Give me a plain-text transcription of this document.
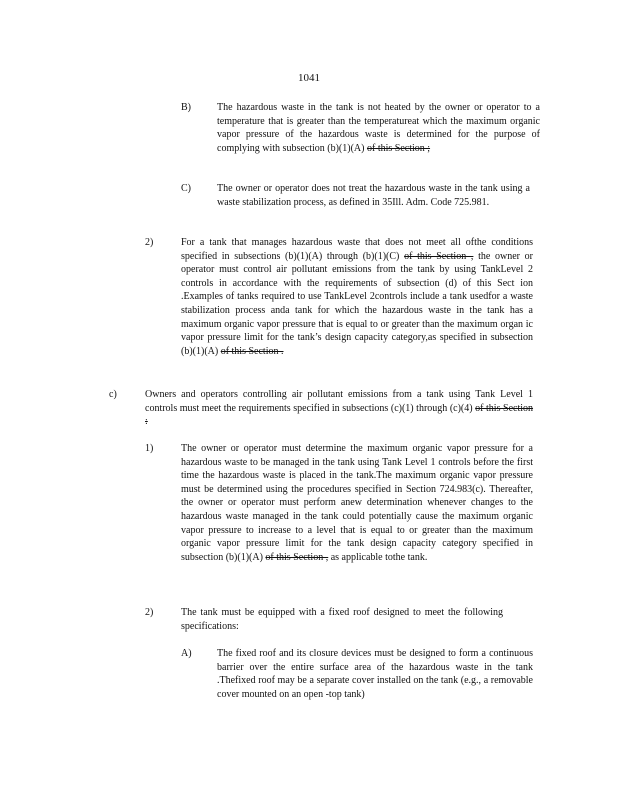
1041
B)	The hazardous waste in the tank is not heated by the owner or operator to a temperature that is greater than the temperatureat which the maximum organic vapor pressure of the hazardous waste is determined for the purpose of complying with subsection (b)(1)(A) of this Section ;
C)	The owner or operator does not treat the hazardous waste in the tank using a waste stabilization process, as defined in 35Ill. Adm. Code 725.981.
2)	For a tank that manages hazardous waste that does not meet all ofthe conditions specified in subsections (b)(1)(A) through (b)(1)(C) of this Section , the owner or operator must control air pollutant emissions from the tank by using TankLevel 2 controls in accordance with the requirements of subsection (d) of this Sect ion .Examples of tanks required to use TankLevel 2controls include a tank usedfor a waste stabilization process anda tank for which the hazardous waste in the tank has a maximum organic vapor pressure that is equal to or greater than the maximum organ ic vapor pressure limit for the tank’s design capacity category,as specified in subsection (b)(1)(A) of this Section .
c)	Owners and operators controlling air pollutant emissions from a tank using Tank Level 1 controls must meet the requirements specified in subsections (c)(1) through (c)(4) of this Section :
1)	The owner or operator must determine the maximum organic vapor pressure for a hazardous waste to be managed in the tank using Tank Level 1 controls before the first time the hazardous waste is placed in the tank.The maximum organic vapor pressure must be determined using the procedures specified in Section 724.983(c). Thereafter, the owner or operator must perform anew determination whenever changes to the hazardous waste managed in the tank could potentially cause the maximum organic vapor pressure to increase to a level that is equal to or greater than the maximum organic vapor pressure limit for the tank design capacity category specified in subsection (b)(1)(A) of this Section , as applicable tothe tank.
2)	The tank must be equipped with a fixed roof designed to meet the following specifications:
A)	The fixed roof and its closure devices must be designed to form a continuous barrier over the entire surface area of the hazardous waste in the tank .Thefixed roof may be a separate cover installed on the tank (e.g., a removable cover mounted on an open -top tank)
